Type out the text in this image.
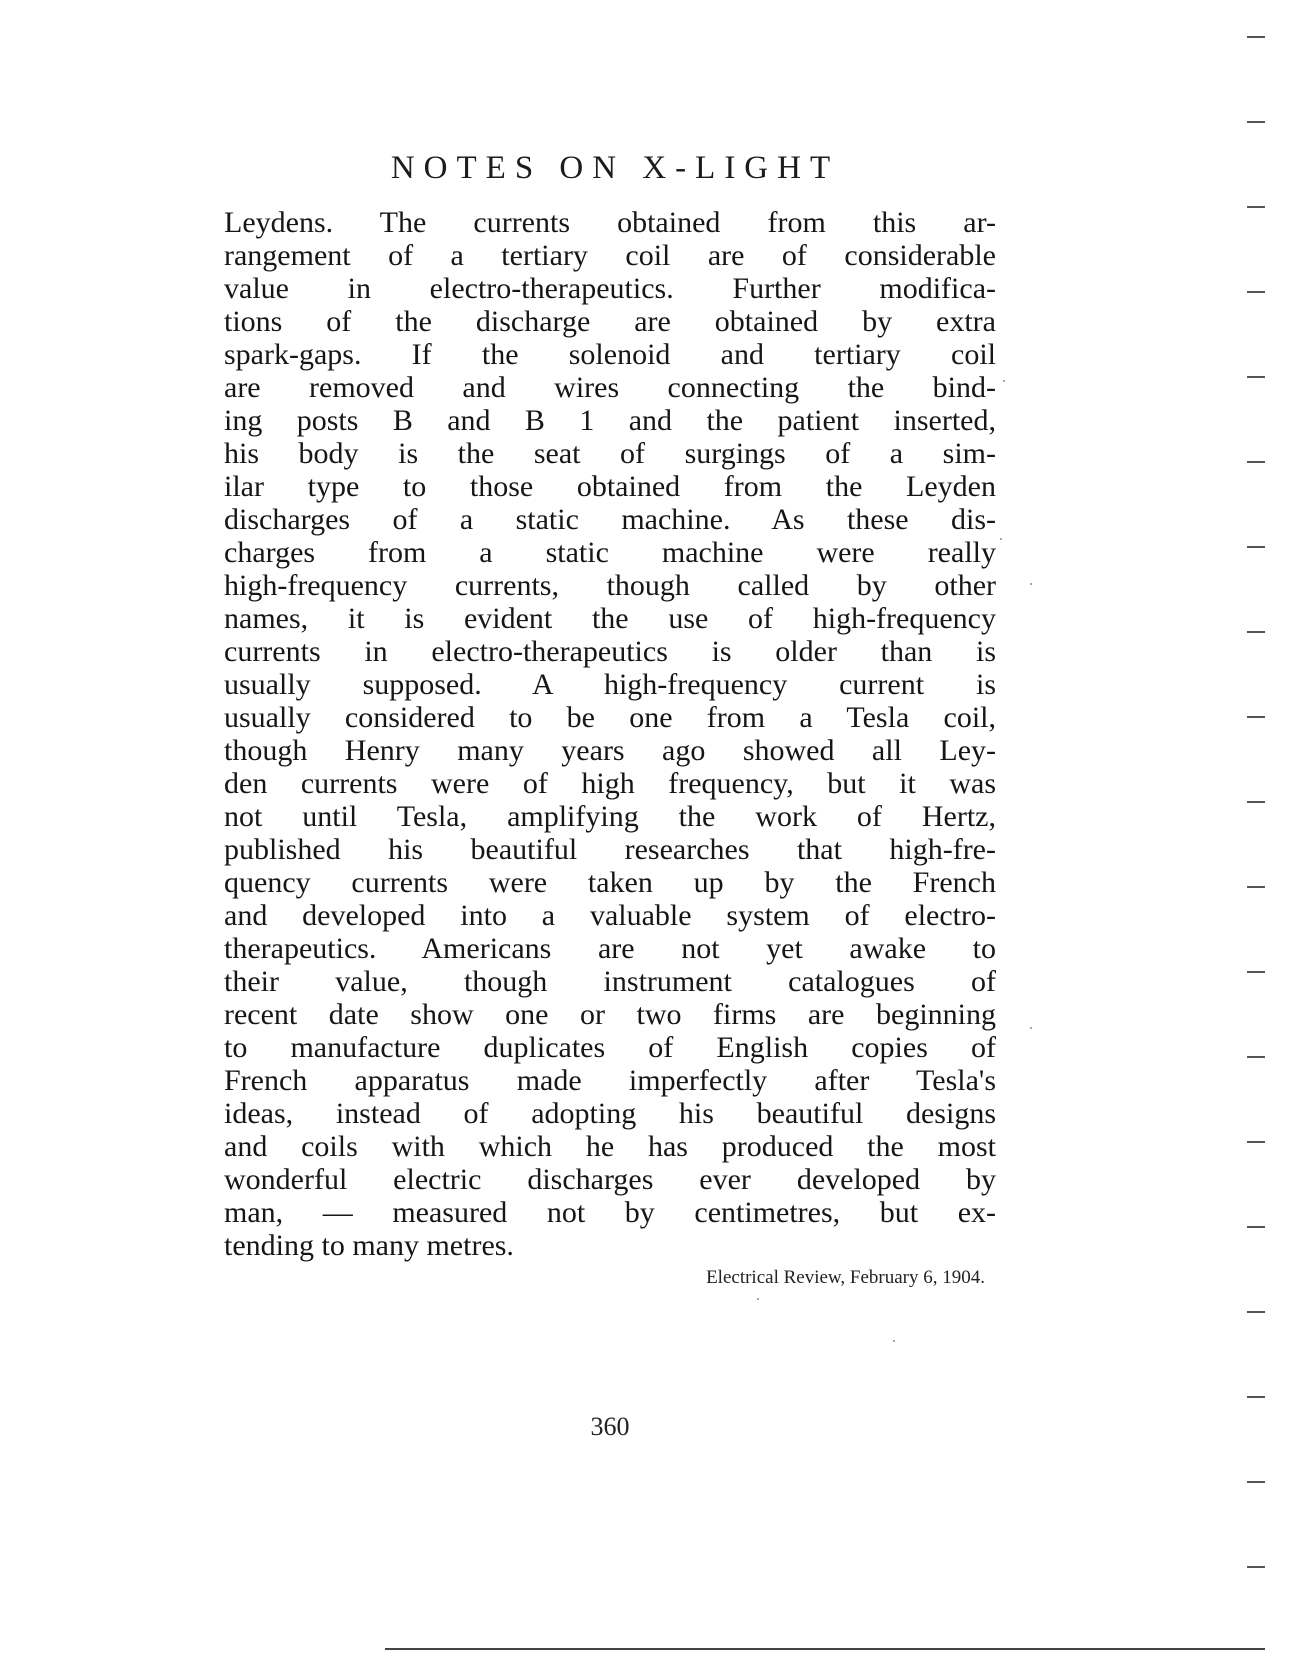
NOTES ON X-LIGHT
Leydens. The currents obtained from this ar-
rangement of a tertiary coil are of considerable
value in electro-therapeutics. Further modifica-
tions of the discharge are obtained by extra
spark-gaps. If the solenoid and tertiary coil
are removed and wires connecting the bind-
ing posts B and B 1 and the patient inserted,
his body is the seat of surgings of a sim-
ilar type to those obtained from the Leyden
discharges of a static machine. As these dis-
charges from a static machine were really
high-frequency currents, though called by other
names, it is evident the use of high-frequency
currents in electro-therapeutics is older than is
usually supposed. A high-frequency current is
usually considered to be one from a Tesla coil,
though Henry many years ago showed all Ley-
den currents were of high frequency, but it was
not until Tesla, amplifying the work of Hertz,
published his beautiful researches that high-fre-
quency currents were taken up by the French
and developed into a valuable system of electro-
therapeutics. Americans are not yet awake to
their value, though instrument catalogues of
recent date show one or two firms are beginning
to manufacture duplicates of English copies of
French apparatus made imperfectly after Tesla's
ideas, instead of adopting his beautiful designs
and coils with which he has produced the most
wonderful electric discharges ever developed by
man, — measured not by centimetres, but ex-
tending to many metres.
Electrical Review, February 6, 1904.
360
